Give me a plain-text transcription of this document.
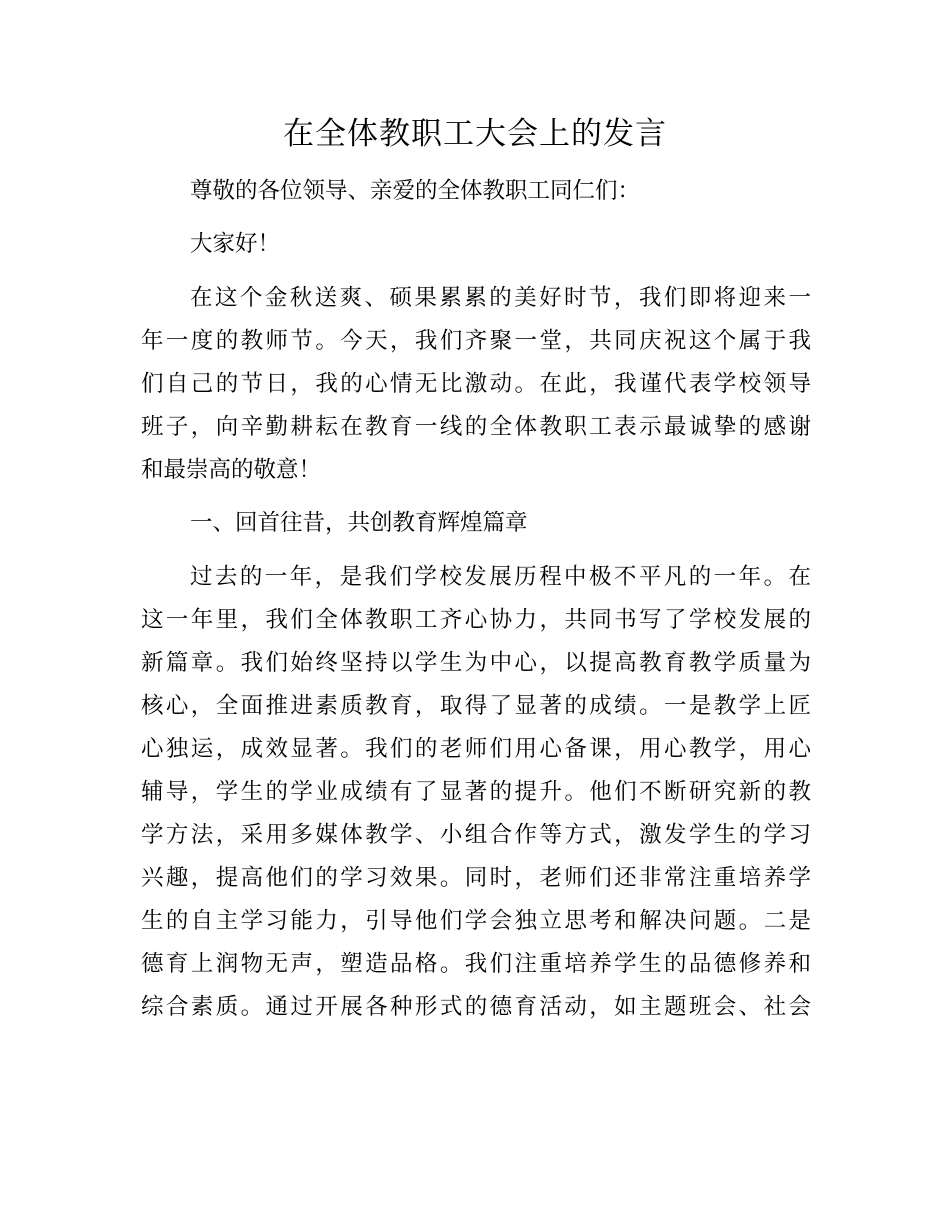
在全体教职工大会上的发言
尊敬的各位领导、亲爱的全体教职工同仁们：
大家好！
在这个金秋送爽、硕果累累的美好时节，我们即将迎来一
年一度的教师节。今天，我们齐聚一堂，共同庆祝这个属于我
们自己的节日，我的心情无比激动。在此，我谨代表学校领导
班子，向辛勤耕耘在教育一线的全体教职工表示最诚挚的感谢
和最崇高的敬意！
一、回首往昔，共创教育辉煌篇章
过去的一年，是我们学校发展历程中极不平凡的一年。在
这一年里，我们全体教职工齐心协力，共同书写了学校发展的
新篇章。我们始终坚持以学生为中心，以提高教育教学质量为
核心，全面推进素质教育，取得了显著的成绩。一是教学上匠
心独运，成效显著。我们的老师们用心备课，用心教学，用心
辅导，学生的学业成绩有了显著的提升。他们不断研究新的教
学方法，采用多媒体教学、小组合作等方式，激发学生的学习
兴趣，提高他们的学习效果。同时，老师们还非常注重培养学
生的自主学习能力，引导他们学会独立思考和解决问题。二是
德育上润物无声，塑造品格。我们注重培养学生的品德修养和
综合素质。通过开展各种形式的德育活动，如主题班会、社会
